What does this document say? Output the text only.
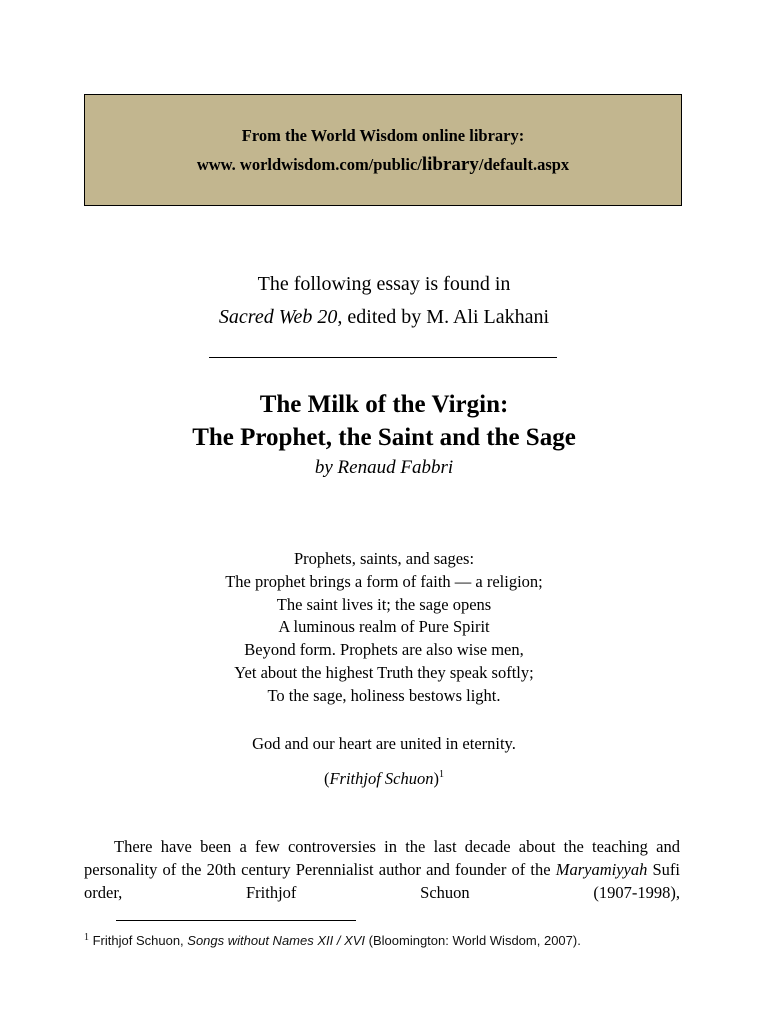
From the World Wisdom online library:
www. worldwisdom.com/public/library/default.aspx
The following essay is found in
Sacred Web 20, edited by M. Ali Lakhani
The Milk of the Virgin:
The Prophet, the Saint and the Sage
by Renaud Fabbri
Prophets, saints, and sages:
The prophet brings a form of faith — a religion;
The saint lives it; the sage opens
A luminous realm of Pure Spirit
Beyond form. Prophets are also wise men,
Yet about the highest Truth they speak softly;
To the sage, holiness bestows light.
God and our heart are united in eternity.
(Frithjof Schuon)$^1$
There have been a few controversies in the last decade about the teaching and personality of the 20th century Perennialist author and founder of the Maryamiyyah Sufi order, Frithjof Schuon (1907-1998),
$^1$ Frithjof Schuon, Songs without Names XII / XVI (Bloomington: World Wisdom, 2007).
